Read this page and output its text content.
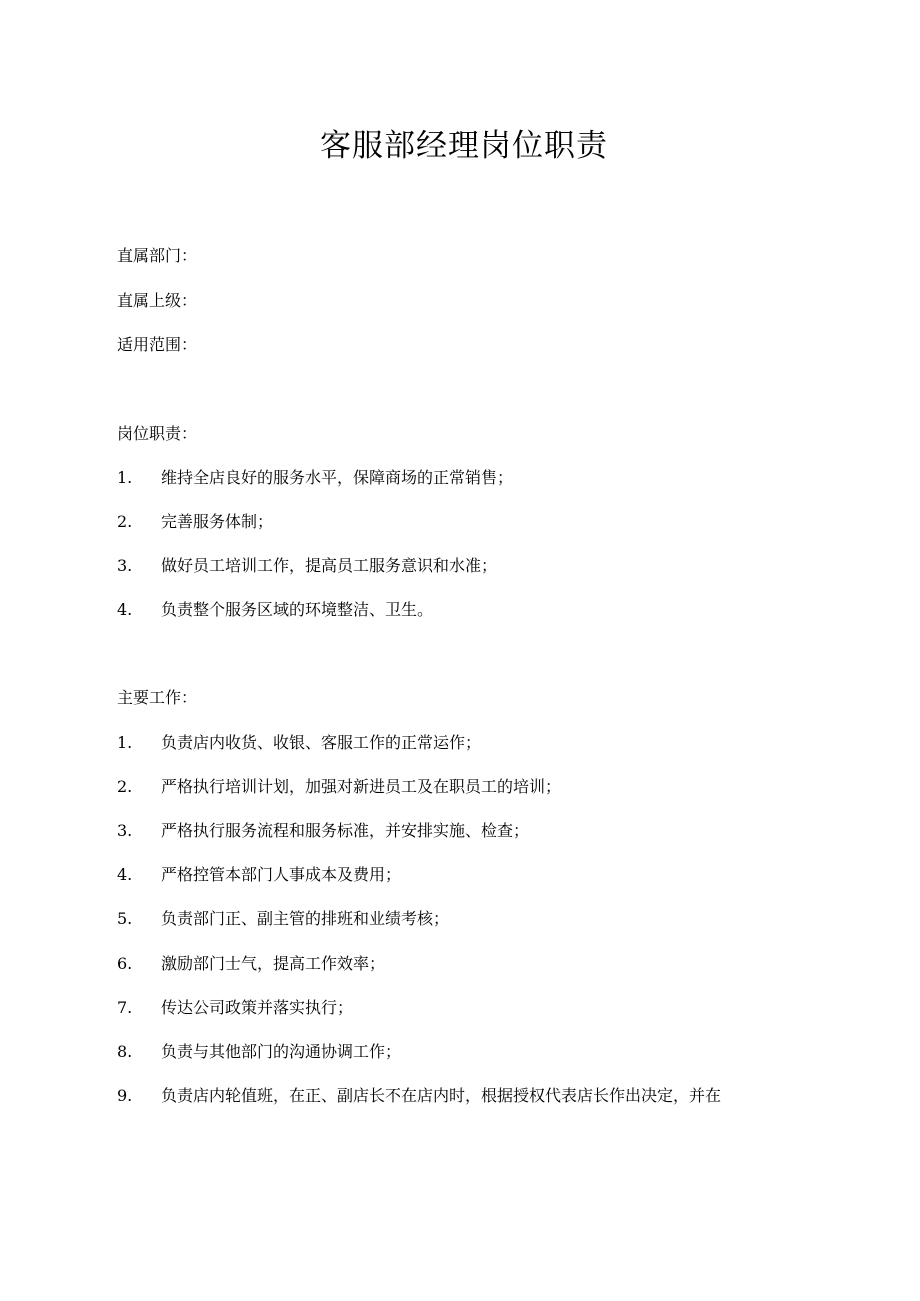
客服部经理岗位职责
直属部门：
直属上级：
适用范围：
岗位职责：
1. 维持全店良好的服务水平，保障商场的正常销售；
2. 完善服务体制；
3. 做好员工培训工作，提高员工服务意识和水准；
4. 负责整个服务区域的环境整洁、卫生。
主要工作：
1. 负责店内收货、收银、客服工作的正常运作；
2. 严格执行培训计划，加强对新进员工及在职员工的培训；
3. 严格执行服务流程和服务标准，并安排实施、检查；
4. 严格控管本部门人事成本及费用；
5. 负责部门正、副主管的排班和业绩考核；
6. 激励部门士气，提高工作效率；
7. 传达公司政策并落实执行；
8. 负责与其他部门的沟通协调工作；
9. 负责店内轮值班，在正、副店长不在店内时，根据授权代表店长作出决定，并在
